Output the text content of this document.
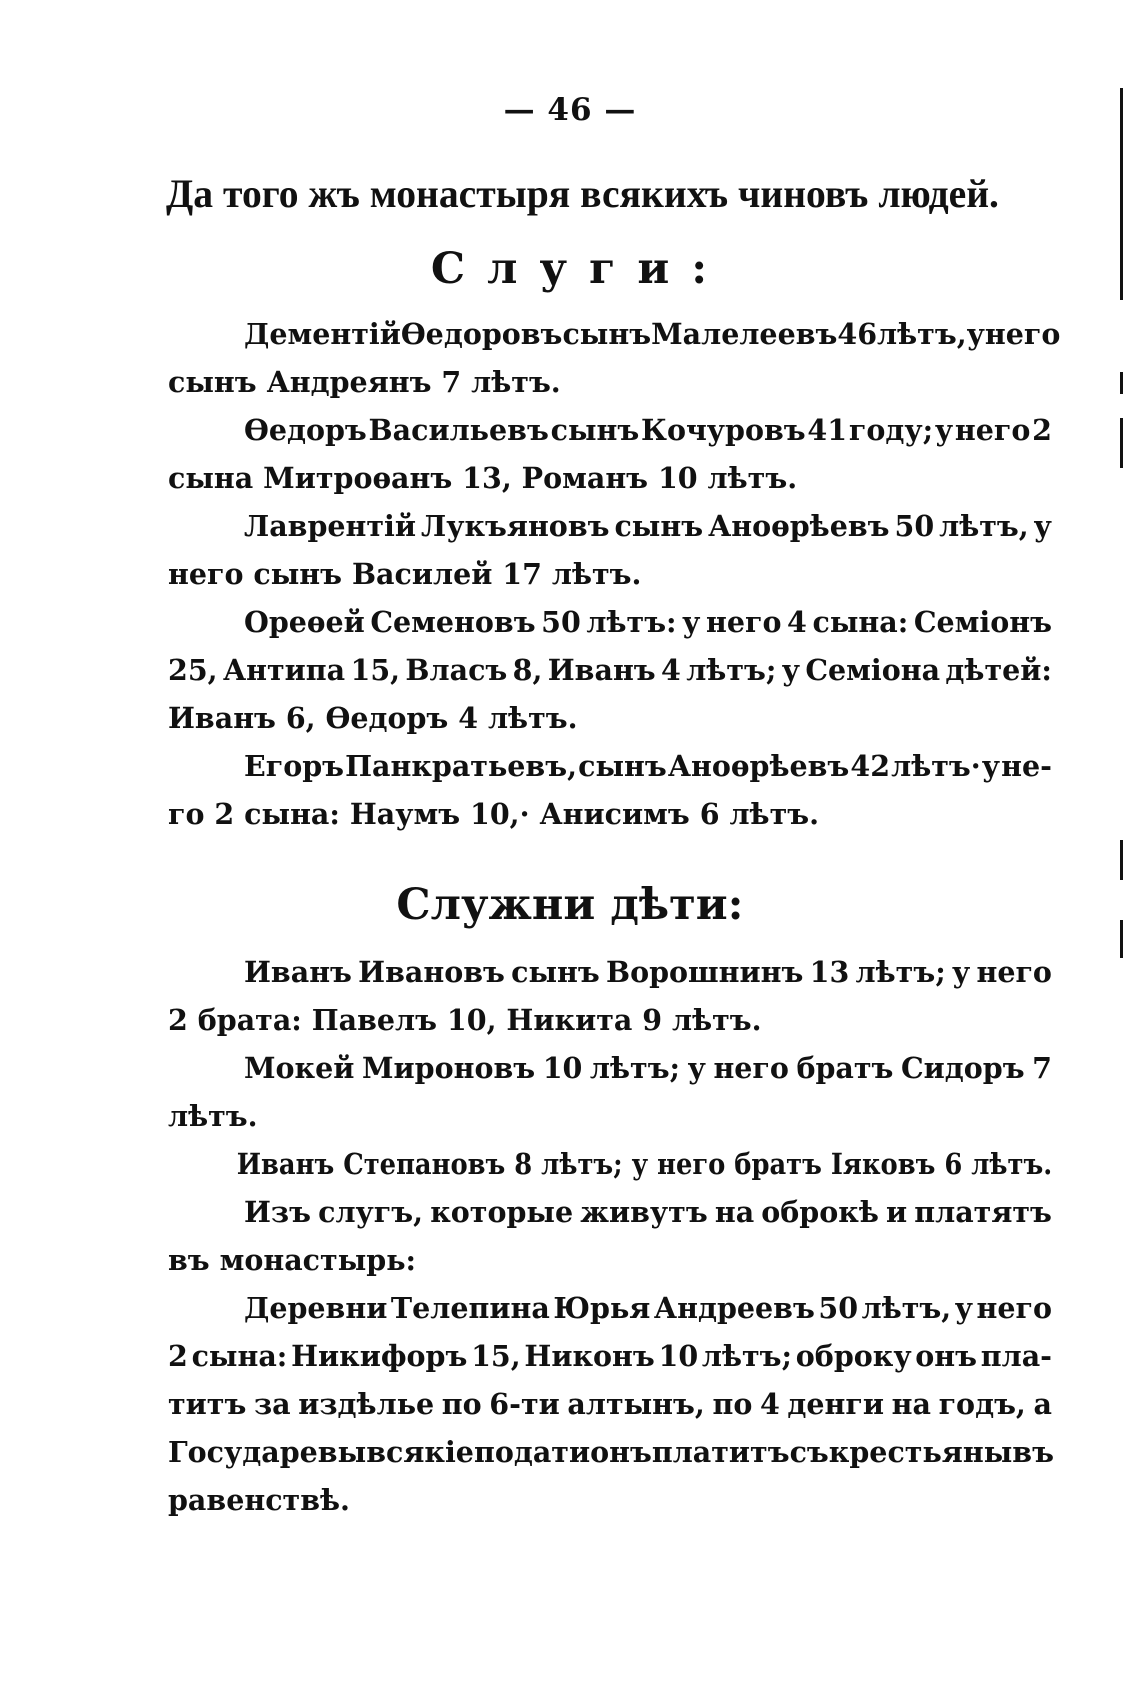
— 46 —
Да того жъ монастыря всякихъ чиновъ людей.
Слуги:
Дементій Ѳедоровъ сынъ Малелеевъ 46 лѣтъ, у него
сынъ Андреянъ 7 лѣтъ.
Ѳедоръ Васильевъ сынъ Кочуровъ 41 году; у него 2
сына Митроѳанъ 13, Романъ 10 лѣтъ.
Лаврентій Лукъяновъ сынъ Аноѳрѣевъ 50 лѣтъ, у
него сынъ Василей 17 лѣтъ.
Ореѳей Семеновъ 50 лѣтъ: у него 4 сына: Семіонъ
25, Антипа 15, Власъ 8, Иванъ 4 лѣтъ; у Семіона дѣтей:
Иванъ 6, Ѳедоръ 4 лѣтъ.
Егоръ Панкратьевъ, сынъ Аноѳрѣевъ 42 лѣтъ· у не-
го 2 сына: Наумъ 10,· Анисимъ 6 лѣтъ.
Служни дѣти:
Иванъ Ивановъ сынъ Ворошнинъ 13 лѣтъ; у него
2 брата: Павелъ 10, Никита 9 лѣтъ.
Мокей Мироновъ 10 лѣтъ; у него братъ Сидоръ 7
лѣтъ.
Иванъ Степановъ 8 лѣтъ; у него братъ Іяковъ 6 лѣтъ.
Изъ слугъ, которые живутъ на оброкѣ и платятъ
въ монастырь:
Деревни Телепина Юрья Андреевъ 50 лѣтъ, у него
2 сына: Никифоръ 15, Никонъ 10 лѣтъ; оброку онъ пла-
титъ за издѣлье по 6-ти алтынъ, по 4 денги на годъ, а
Государевы всякіе подати онъ платитъ съ крестьяны въ
равенствѣ.
